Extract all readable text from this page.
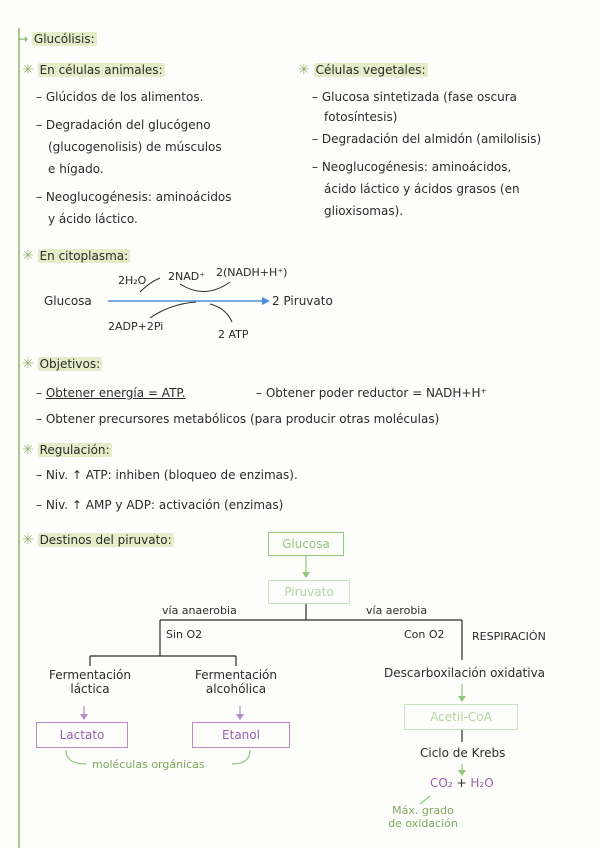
→ Glucólisis:
✳ En células animales:
– Glúcidos de los alimentos.
– Degradación del glucógeno
(glucogenolisis) de músculos
e hígado.
– Neoglucogénesis: aminoácidos
y ácido láctico.
✳ Células vegetales:
– Glucosa sintetizada (fase oscura
fotosíntesis)
– Degradación del almidón (amilolisis)
– Neoglucogénesis: aminoácidos,
ácido láctico y ácidos grasos (en
glioxisomas).
✳ En citoplasma:
2H₂O 2NAD⁺ 2(NADH+H⁺)
Glucosa	2 Piruvato
2ADP+2Pi
2 ATP
✳ Objetivos:
– Obtener energía = ATP.	– Obtener poder reductor = NADH+H⁺
– Obtener precursores metabólicos (para producir otras moléculas)
✳ Regulación:
– Niv. ↑ ATP: inhiben (bloqueo de enzimas).
– Niv. ↑ AMP y ADP: activación (enzimas)
✳ Destinos del piruvato:	Glucosa
Piruvato
vía anaerobia
Sin O2
vía aerobia
Con O2 RESPIRACIÓN
Fermentación
láctica
Fermentación
alcohólica
Descarboxilación oxidativa
Lactato	Etanol
Acetil-CoA
moléculas orgánicas
Ciclo de Krebs
CO₂ + H₂O
Máx. grado
de oxidación
